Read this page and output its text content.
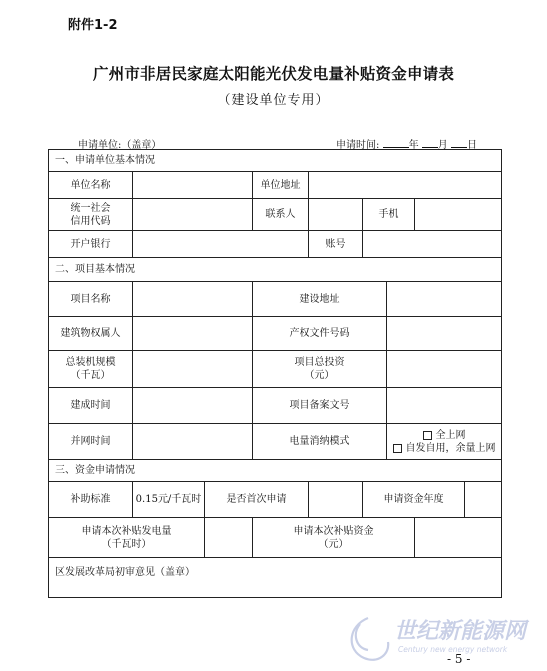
附件1-2
广州市非居民家庭太阳能光伏发电量补贴资金申请表
（建设单位专用）
申请单位:（盖章）	申请时间:	年 月 日
一、申请单位基本情况								
单位名称			单位地址					
统一社会
信用代码			联系人		手机			
开户银行				账号				
二、项目基本情况								
项目名称			建设地址					
建筑物权属人			产权文件号码					
总装机规模
（千瓦）			项目总投资
（元）					
建成时间			项目备案文号					
并网时间			电量消纳模式			全上网
自发自用，余量上网		

三、资金申请情况								
补助标准	0.15元/千瓦时	是否首次申请			申请资金年度			
申请本次补贴发电量
（千瓦时）			申请本次补贴资金
（元）					
区发展改革局初审意见（盖章）								
世纪新能源网
Century new energy network
- 5 -
